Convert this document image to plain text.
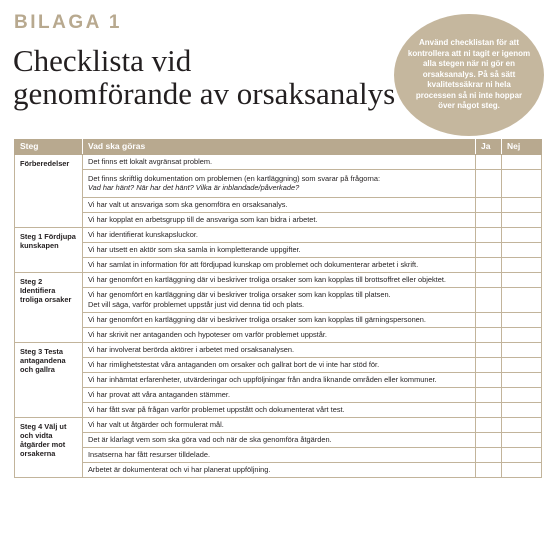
BILAGA 1
Checklista vid
genomförande av orsaksanalys
Använd checklistan för att kontrollera att ni tagit er igenom alla stegen när ni gör en orsaksanalys. På så sätt kvalitetssäkrar ni hela processen så ni inte hoppar över något steg.
Steg	Vad ska göras	Ja	Nej
Förberedelser	Det finns ett lokalt avgränsat problem.		

	Det finns skriftlig dokumentation om problemen (en kartläggning) som svarar på frågorna:
Vad har hänt? När har det hänt? Vilka är inblandade/påverkade?		

	Vi har valt ut ansvariga som ska genomföra en orsaksanalys.		

	Vi har kopplat en arbetsgrupp till de ansvariga som kan bidra i arbetet.		

Steg 1 Fördjupa kunskapen	Vi har identifierat kunskapsluckor.		

	Vi har utsett en aktör som ska samla in kompletterande uppgifter.		

	Vi har samlat in information för att fördjupad kunskap om problemet och dokumenterar arbetet i skrift.		

Steg 2 Identifiera troliga orsaker	Vi har genomfört en kartläggning där vi beskriver troliga orsaker som kan kopplas till brottsoffret eller objektet.		

	Vi har genomfört en kartläggning där vi beskriver troliga orsaker som kan kopplas till platsen.
Det vill säga, varför problemet uppstår just vid denna tid och plats.		

	Vi har genomfört en kartläggning där vi beskriver troliga orsaker som kan kopplas till gärningspersonen.		

	Vi har skrivit ner antaganden och hypoteser om varför problemet uppstår.		

Steg 3 Testa antagandena och gallra	Vi har involverat berörda aktörer i arbetet med orsaksanalysen.		

	Vi har rimlighetstestat våra antaganden om orsaker och gallrat bort de vi inte har stöd för.		

	Vi har inhämtat erfarenheter, utvärderingar och uppföljningar från andra liknande områden eller kommuner.		

	Vi har provat att våra antaganden stämmer.		

	Vi har fått svar på frågan varför problemet uppstått och dokumenterat vårt test.		

Steg 4 Välj ut och vidta åtgärder mot orsakerna	Vi har valt ut åtgärder och formulerat mål.		

	Det är klarlagt vem som ska göra vad och när de ska genomföra åtgärden.		

	Insatserna har fått resurser tilldelade.		

	Arbetet är dokumenterat och vi har planerat uppföljning.		
